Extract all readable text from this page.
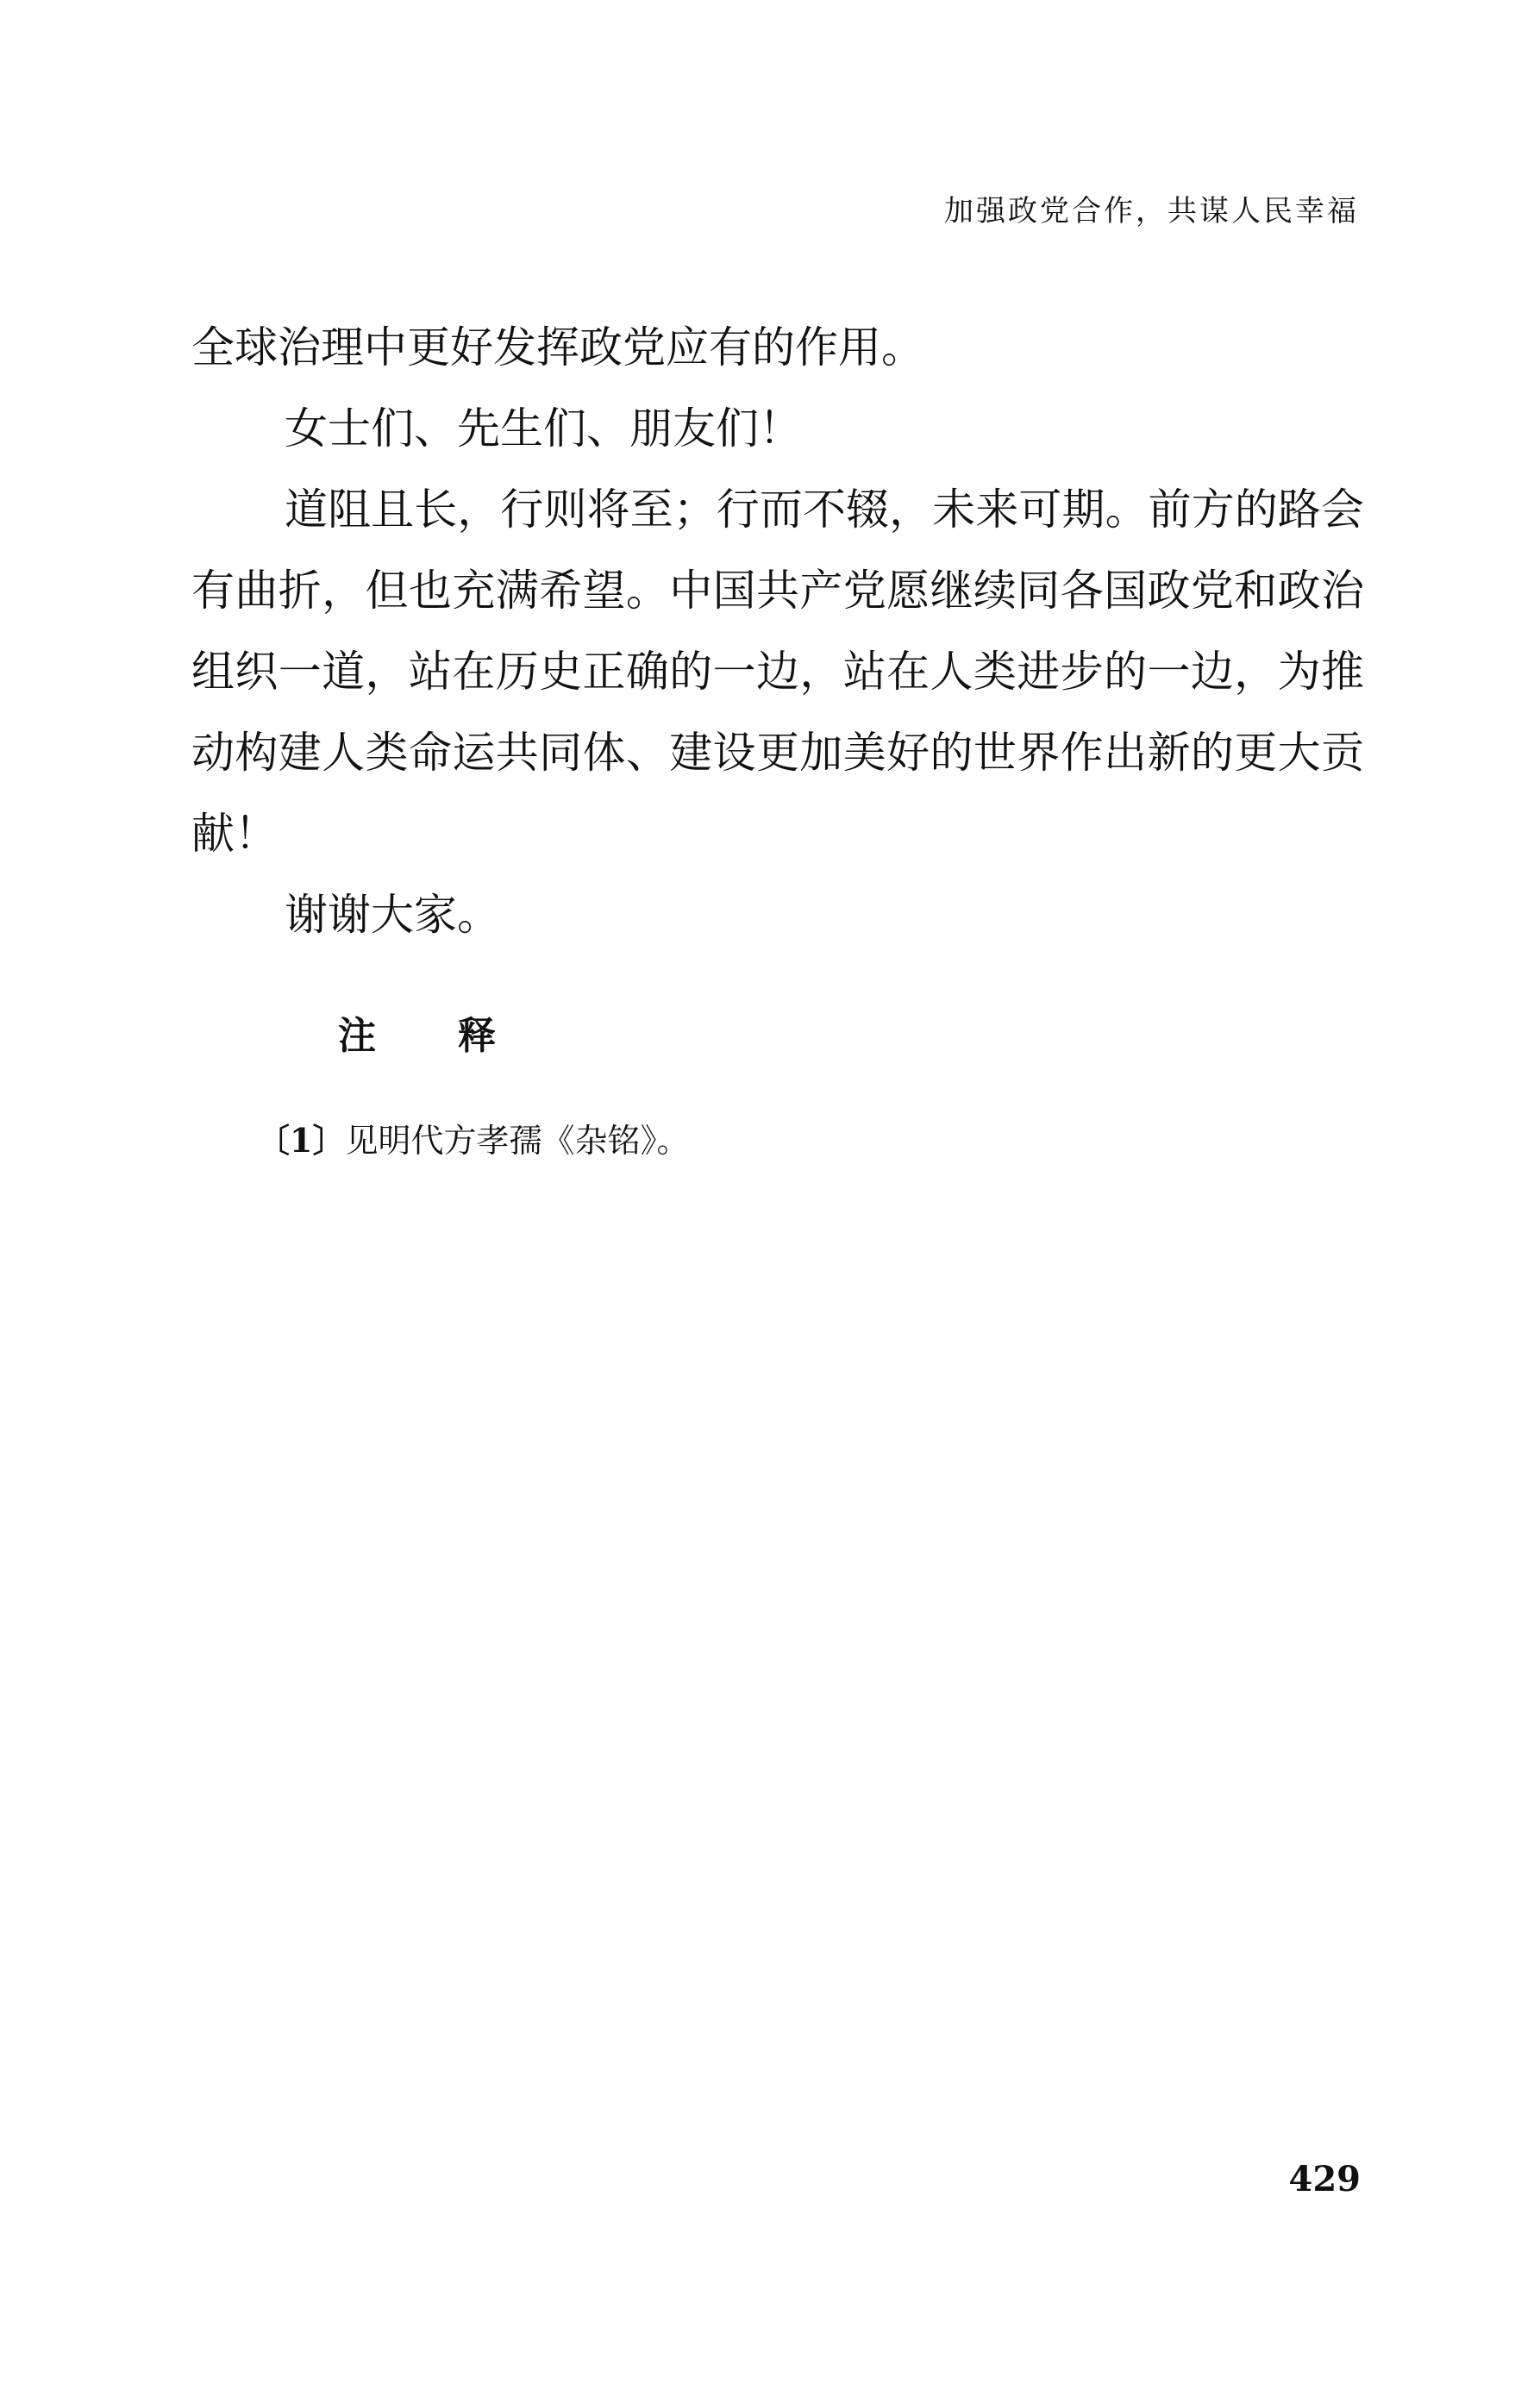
加强政党合作，共谋人民幸福

全球治理中更好发挥政党应有的作用。

女士们、先生们、朋友们！

道阻且长，行则将至；行而不辍，未来可期。前方的路会有曲折，但也充满希望。中国共产党愿继续同各国政党和政治组织一道，站在历史正确的一边，站在人类进步的一边，为推动构建人类命运共同体、建设更加美好的世界作出新的更大贡献！

谢谢大家。

注释
〔1〕见明代方孝孺《杂铭》。
429
